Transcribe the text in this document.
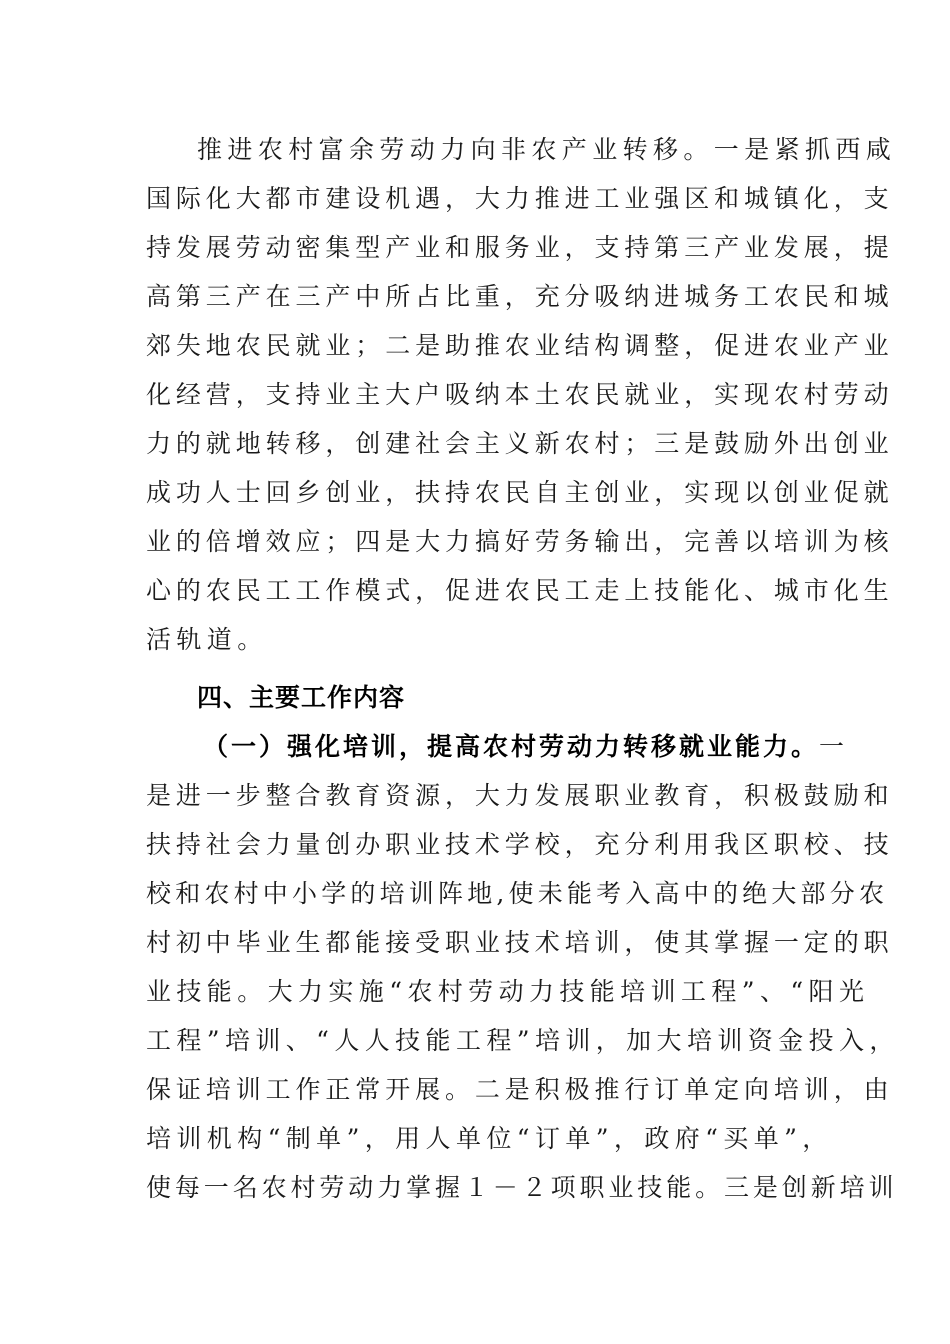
推进农村富余劳动力向非农产业转移。一是紧抓西咸
国际化大都市建设机遇，大力推进工业强区和城镇化，支
持发展劳动密集型产业和服务业，支持第三产业发展，提
高第三产在三产中所占比重，充分吸纳进城务工农民和城
郊失地农民就业；二是助推农业结构调整，促进农业产业
化经营，支持业主大户吸纳本土农民就业，实现农村劳动
力的就地转移，创建社会主义新农村；三是鼓励外出创业
成功人士回乡创业，扶持农民自主创业，实现以创业促就
业的倍增效应；四是大力搞好劳务输出，完善以培训为核
心的农民工工作模式，促进农民工走上技能化、城市化生
活轨道。
四、主要工作内容
（一）强化培训，提高农村劳动力转移就业能力。一
是进一步整合教育资源，大力发展职业教育，积极鼓励和
扶持社会力量创办职业技术学校，充分利用我区职校、技
校和农村中小学的培训阵地,使未能考入高中的绝大部分农
村初中毕业生都能接受职业技术培训，使其掌握一定的职
业技能。大力实施“农村劳动力技能培训工程”、“阳光
工程”培训、“人人技能工程”培训，加大培训资金投入，
保证培训工作正常开展。二是积极推行订单定向培训，由
培训机构“制单”，用人单位“订单”，政府“买单”，
使每一名农村劳动力掌握１－２项职业技能。三是创新培训
